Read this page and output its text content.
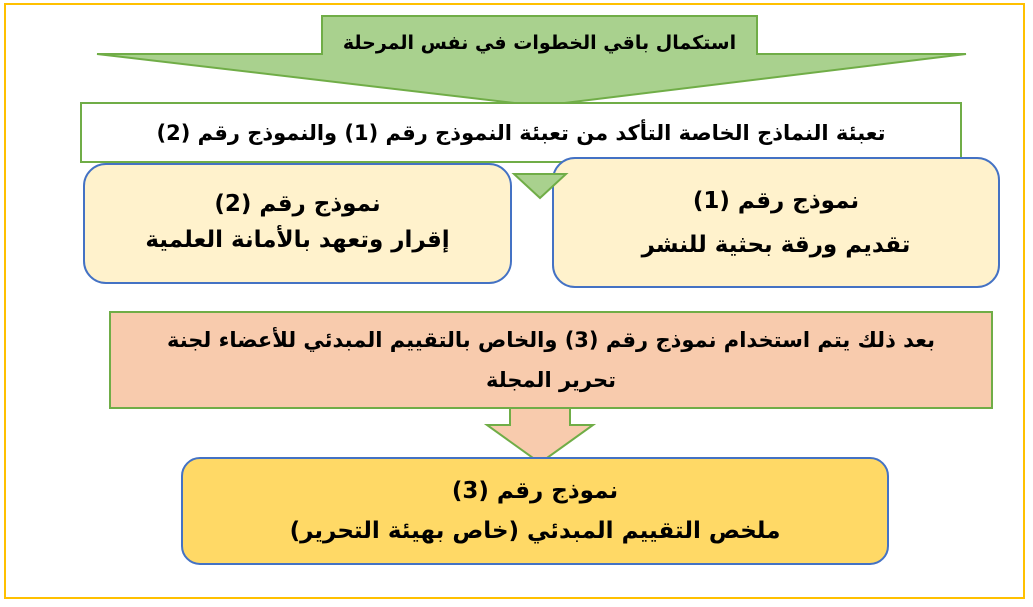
استكمال باقي الخطوات في نفس المرحلة
تعبئة النماذج الخاصة التأكد من تعبئة النموذج رقم (1) والنموذج رقم (2)
نموذج رقم (1)
تقديم ورقة بحثية للنشر
نموذج رقم (2)
إقرار وتعهد بالأمانة العلمية
بعد ذلك يتم استخدام نموذج رقم (3) والخاص بالتقييم المبدئي للأعضاء لجنة
تحرير المجلة
نموذج رقم (3)
ملخص التقييم المبدئي (خاص بهيئة التحرير)
